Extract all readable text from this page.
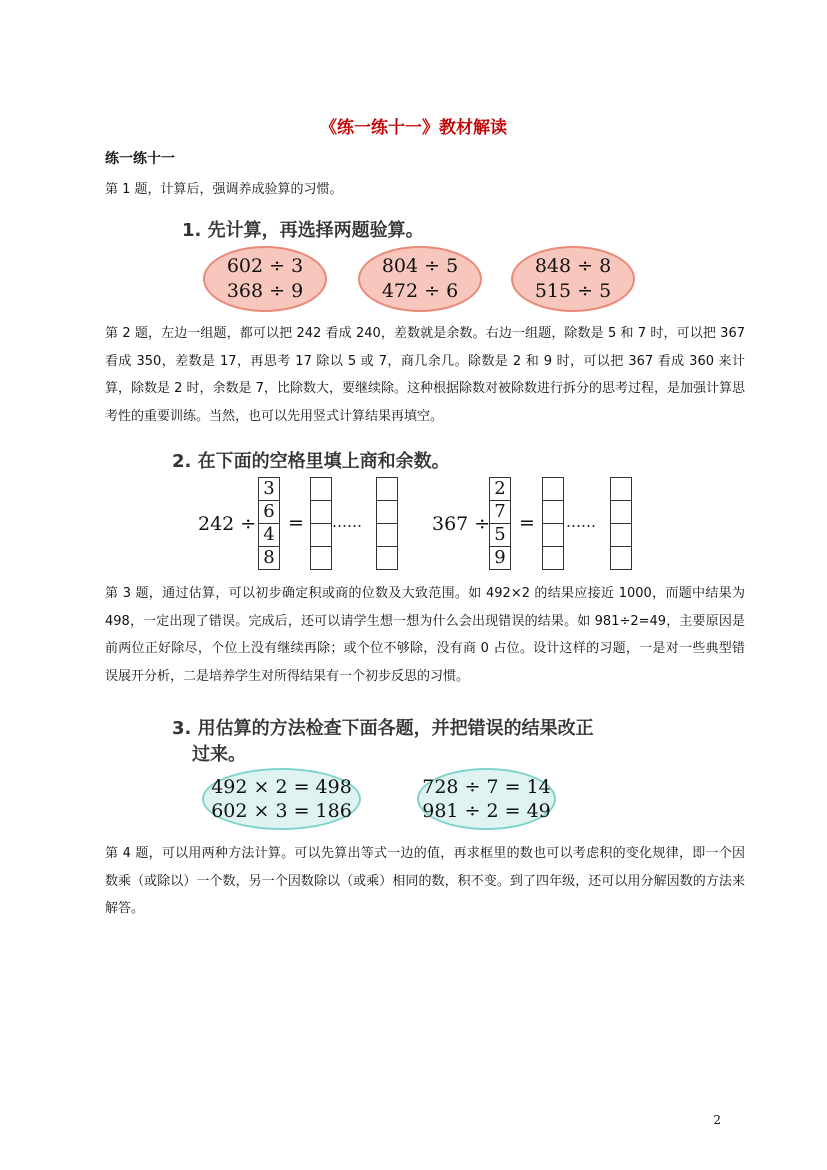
《练一练十一》教材解读
练一练十一
第 1 题，计算后，强调养成验算的习惯。
1. 先计算，再选择两题验算。
602 ÷ 3
368 ÷ 9
804 ÷ 5
472 ÷ 6
848 ÷ 8
515 ÷ 5
第 2 题，左边一组题，都可以把 242 看成 240，差数就是余数。右边一组题，除数是 5 和 7 时，可以把 367 看成 350，差数是 17，再思考 17 除以 5 或 7，商几余几。除数是 2 和 9 时，可以把 367 看成 360 来计算，除数是 2 时，余数是 7，比除数大，要继续除。这种根据除数对被除数进行拆分的思考过程，是加强计算思考性的重要训练。当然，也可以先用竖式计算结果再填空。
2. 在下面的空格里填上商和余数。
242 ÷
3
6
4
8
= ……	367 ÷
2
7
5
9
= ……
第 3 题，通过估算，可以初步确定积或商的位数及大致范围。如 492×2 的结果应接近 1000，而题中结果为 498，一定出现了错误。完成后，还可以请学生想一想为什么会出现错误的结果。如 981÷2=49，主要原因是前两位正好除尽，个位上没有继续再除；或个位不够除，没有商 0 占位。设计这样的习题，一是对一些典型错误展开分析，二是培养学生对所得结果有一个初步反思的习惯。
3. 用估算的方法检查下面各题，并把错误的结果改正
过来。
492 × 2 = 498
602 × 3 = 186
728 ÷ 7 = 14
981 ÷ 2 = 49
第 4 题，可以用两种方法计算。可以先算出等式一边的值，再求框里的数也可以考虑积的变化规律，即一个因数乘（或除以）一个数，另一个因数除以（或乘）相同的数，积不变。到了四年级，还可以用分解因数的方法来解答。
2
